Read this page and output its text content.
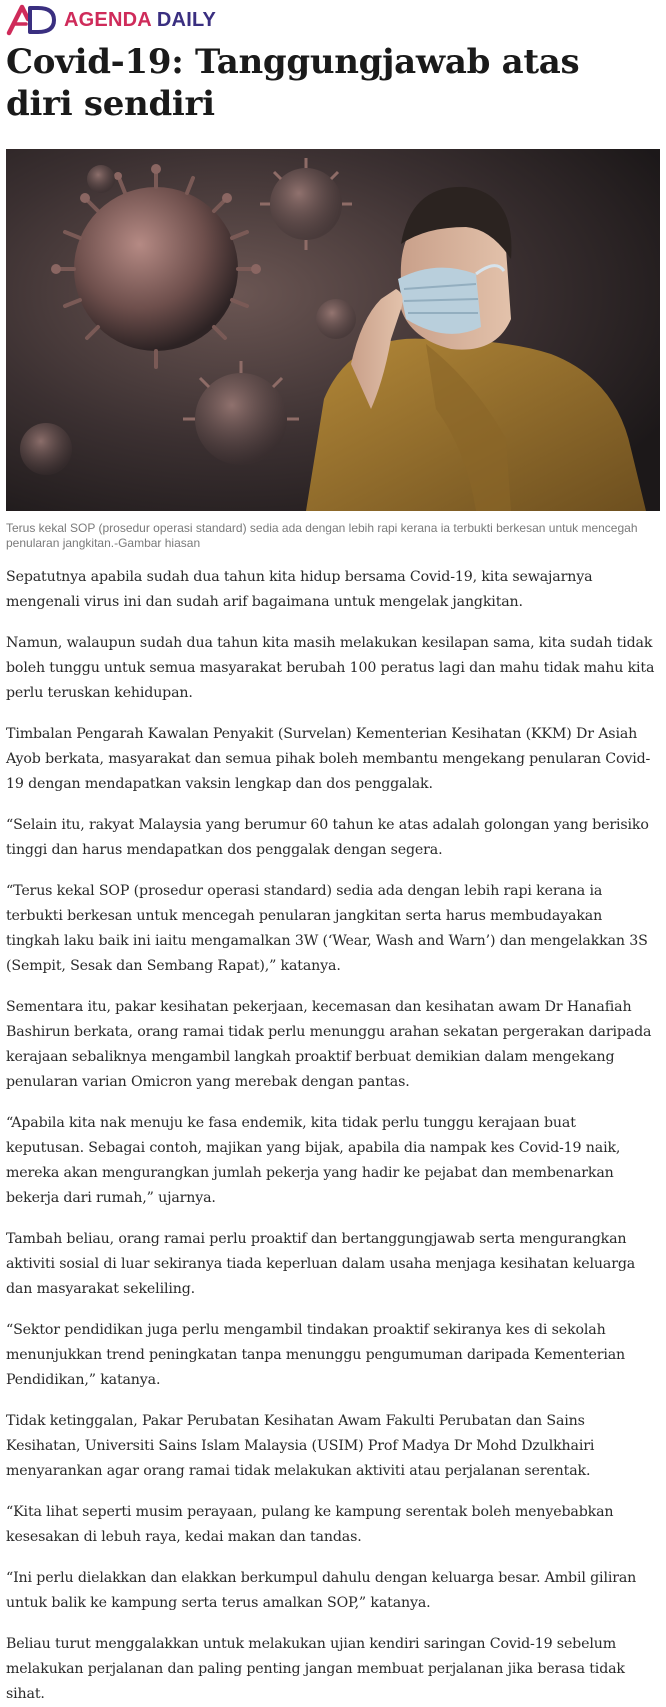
AGENDA DAILY
Covid-19: Tanggungjawab atas diri sendiri

Terus kekal SOP (prosedur operasi standard) sedia ada dengan lebih rapi kerana ia terbukti berkesan untuk mencegah penularan jangkitan.-Gambar hiasan

Sepatutnya apabila sudah dua tahun kita hidup bersama Covid-19, kita sewajarnya mengenali virus ini dan sudah arif bagaimana untuk mengelak jangkitan.

Namun, walaupun sudah dua tahun kita masih melakukan kesilapan sama, kita sudah tidak boleh tunggu untuk semua masyarakat berubah 100 peratus lagi dan mahu tidak mahu kita perlu teruskan kehidupan.

Timbalan Pengarah Kawalan Penyakit (Survelan) Kementerian Kesihatan (KKM) Dr Asiah Ayob berkata, masyarakat dan semua pihak boleh membantu mengekang penularan Covid-19 dengan mendapatkan vaksin lengkap dan dos penggalak.

“Selain itu, rakyat Malaysia yang berumur 60 tahun ke atas adalah golongan yang berisiko tinggi dan harus mendapatkan dos penggalak dengan segera.

“Terus kekal SOP (prosedur operasi standard) sedia ada dengan lebih rapi kerana ia terbukti berkesan untuk mencegah penularan jangkitan serta harus membudayakan tingkah laku baik ini iaitu mengamalkan 3W (‘Wear, Wash and Warn’) dan mengelakkan 3S (Sempit, Sesak dan Sembang Rapat),” katanya.

Sementara itu, pakar kesihatan pekerjaan, kecemasan dan kesihatan awam Dr Hanafiah Bashirun berkata, orang ramai tidak perlu menunggu arahan sekatan pergerakan daripada kerajaan sebaliknya mengambil langkah proaktif berbuat demikian dalam mengekang penularan varian Omicron yang merebak dengan pantas.

“Apabila kita nak menuju ke fasa endemik, kita tidak perlu tunggu kerajaan buat keputusan. Sebagai contoh, majikan yang bijak, apabila dia nampak kes Covid-19 naik, mereka akan mengurangkan jumlah pekerja yang hadir ke pejabat dan membenarkan bekerja dari rumah,” ujarnya.

Tambah beliau, orang ramai perlu proaktif dan bertanggungjawab serta mengurangkan aktiviti sosial di luar sekiranya tiada keperluan dalam usaha menjaga kesihatan keluarga dan masyarakat sekeliling.

“Sektor pendidikan juga perlu mengambil tindakan proaktif sekiranya kes di sekolah menunjukkan trend peningkatan tanpa menunggu pengumuman daripada Kementerian Pendidikan,” katanya.

Tidak ketinggalan, Pakar Perubatan Kesihatan Awam Fakulti Perubatan dan Sains Kesihatan, Universiti Sains Islam Malaysia (USIM) Prof Madya Dr Mohd Dzulkhairi menyarankan agar orang ramai tidak melakukan aktiviti atau perjalanan serentak.

“Kita lihat seperti musim perayaan, pulang ke kampung serentak boleh menyebabkan kesesakan di lebuh raya, kedai makan dan tandas.

“Ini perlu dielakkan dan elakkan berkumpul dahulu dengan keluarga besar. Ambil giliran untuk balik ke kampung serta terus amalkan SOP,” katanya.

Beliau turut menggalakkan untuk melakukan ujian kendiri saringan Covid-19 sebelum melakukan perjalanan dan paling penting jangan membuat perjalanan jika berasa tidak sihat.
